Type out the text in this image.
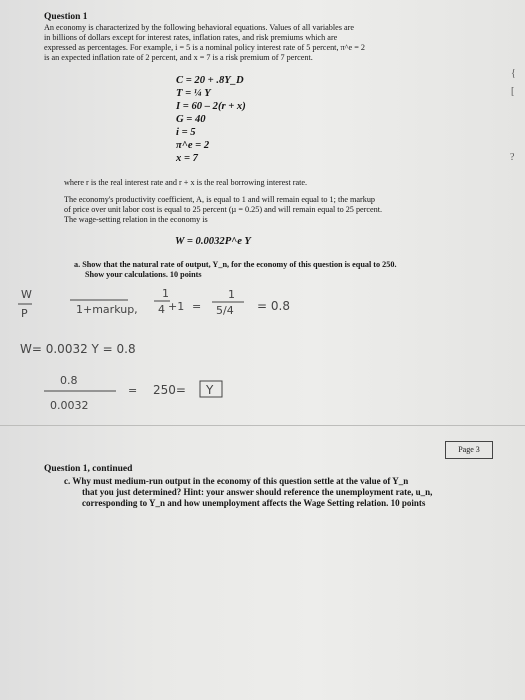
Question 1
An economy is characterized by the following behavioral equations. Values of all variables are
in billions of dollars except for interest rates, inflation rates, and risk premiums which are
expressed as percentages. For example, i = 5 is a nominal policy interest rate of 5 percent, π^e = 2
is an expected inflation rate of 2 percent, and x = 7 is a risk premium of 7 percent.
C = 20 + .8Y_D
T = ¼ Y
I = 60 – 2(r + x)
G = 40
i = 5
π^e = 2
x = 7
where r is the real interest rate and r + x is the real borrowing interest rate.
The economy's productivity coefficient, A, is equal to 1 and will remain equal to 1; the markup
of price over unit labor cost is equal to 25 percent (µ = 0.25) and will remain equal to 25 percent.
The wage-setting relation in the economy is
W = 0.0032P^e Y
a. Show that the natural rate of output, Y_n, for the economy of this question is equal to 250.
Show your calculations. 10 points
W
P	1+markup,
1
4 +1 =
1
5/4 = 0.8
W= 0.0032 Y = 0.8
0.8
0.0032
= 250= Y
Page 3
Question 1, continued
c. Why must medium-run output in the economy of this question settle at the value of Y_n
that you just determined? Hint: your answer should reference the unemployment rate, u_n,
corresponding to Y_n and how unemployment affects the Wage Setting relation. 10 points
{
[
?
